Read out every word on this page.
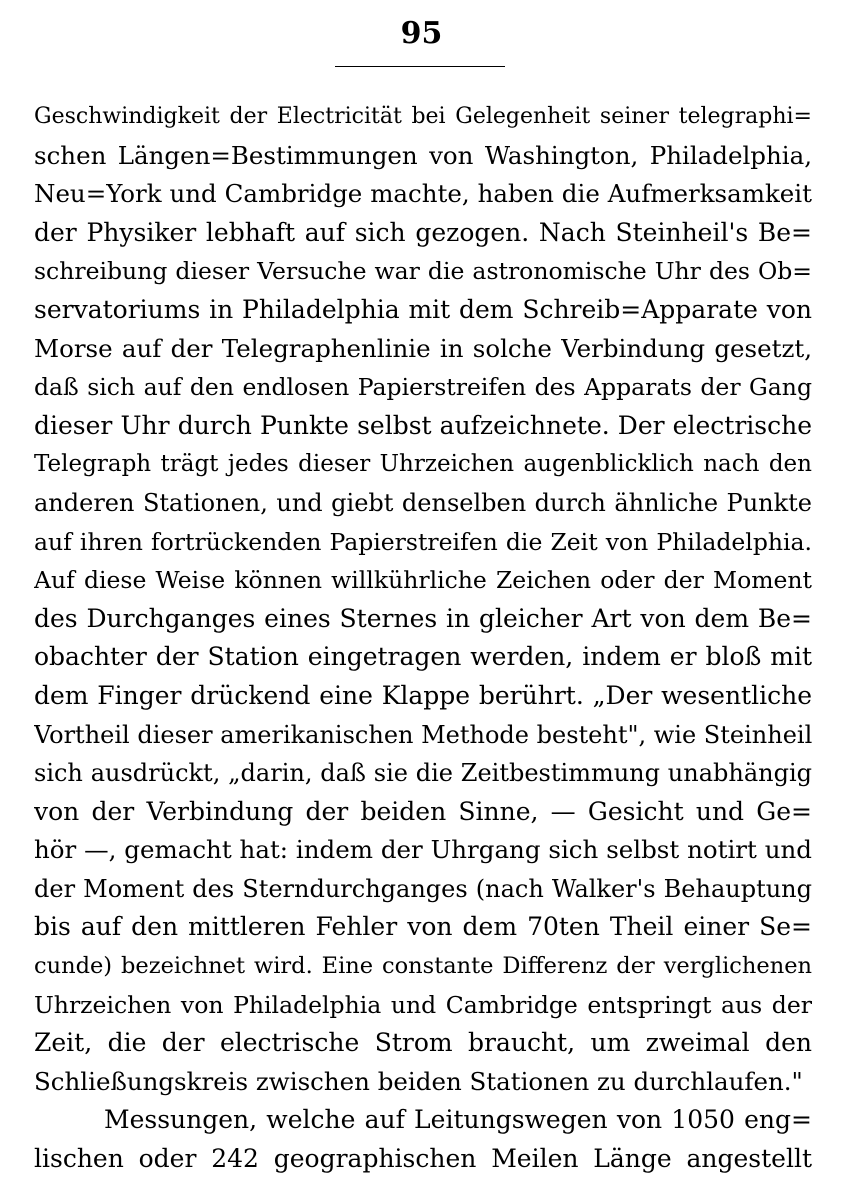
95
Geschwindigkeit der Electricität bei Gelegenheit seiner telegraphi=
schen Längen=Bestimmungen von Washington, Philadelphia,
Neu=York und Cambridge machte, haben die Aufmerksamkeit
der Physiker lebhaft auf sich gezogen. Nach Steinheil's Be=
schreibung dieser Versuche war die astronomische Uhr des Ob=
servatoriums in Philadelphia mit dem Schreib=Apparate von
Morse auf der Telegraphenlinie in solche Verbindung gesetzt,
daß sich auf den endlosen Papierstreifen des Apparats der Gang
dieser Uhr durch Punkte selbst aufzeichnete. Der electrische
Telegraph trägt jedes dieser Uhrzeichen augenblicklich nach den
anderen Stationen, und giebt denselben durch ähnliche Punkte
auf ihren fortrückenden Papierstreifen die Zeit von Philadelphia.
Auf diese Weise können willkührliche Zeichen oder der Moment
des Durchganges eines Sternes in gleicher Art von dem Be=
obachter der Station eingetragen werden, indem er bloß mit
dem Finger drückend eine Klappe berührt. „Der wesentliche
Vortheil dieser amerikanischen Methode besteht", wie Steinheil
sich ausdrückt, „darin, daß sie die Zeitbestimmung unabhängig
von der Verbindung der beiden Sinne, — Gesicht und Ge=
hör —, gemacht hat: indem der Uhrgang sich selbst notirt und
der Moment des Sterndurchganges (nach Walker's Behauptung
bis auf den mittleren Fehler von dem 70ten Theil einer Se=
cunde) bezeichnet wird. Eine constante Differenz der verglichenen
Uhrzeichen von Philadelphia und Cambridge entspringt aus der
Zeit, die der electrische Strom braucht, um zweimal den
Schließungskreis zwischen beiden Stationen zu durchlaufen."
Messungen, welche auf Leitungswegen von 1050 eng=
lischen oder 242 geographischen Meilen Länge angestellt
